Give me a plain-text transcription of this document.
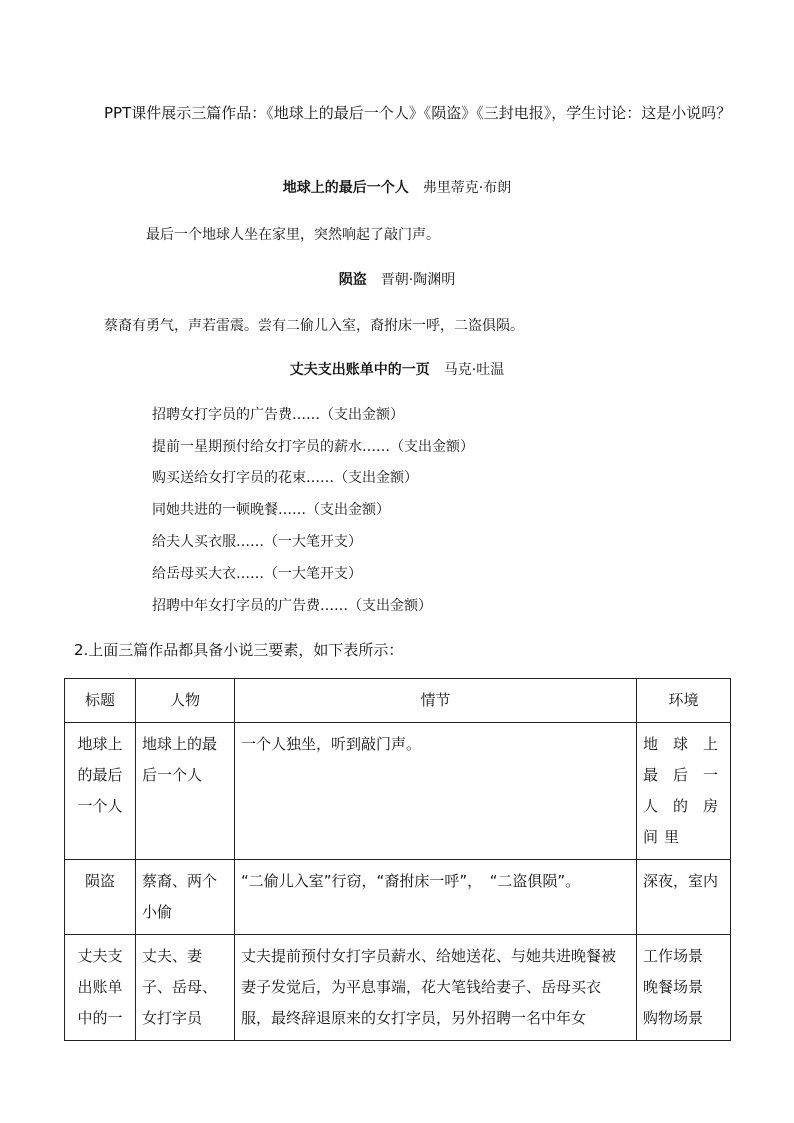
PPT课件展示三篇作品：《地球上的最后一个人》《陨盗》《三封电报》，学生讨论：这是小说吗？

地球上的最后一个人 弗里蒂克·布朗
最后一个地球人坐在家里，突然响起了敲门声。
陨盗 晋朝·陶渊明
蔡裔有勇气，声若雷震。尝有二偷儿入室，裔拊床一呼，二盗俱陨。
丈夫支出账单中的一页 马克·吐温
招聘女打字员的广告费……（支出金额）
提前一星期预付给女打字员的薪水……（支出金额）
购买送给女打字员的花束……（支出金额）
同她共进的一顿晚餐……（支出金额）
给夫人买衣服……（一大笔开支）
给岳母买大衣……（一大笔开支）
招聘中年女打字员的广告费……（支出金额）
2.上面三篇作品都具备小说三要素，如下表所示：
标题	人物	情节	环境
地球上的最后一个人	地球上的最后一个人	一个人独坐，听到敲门声。	地球上最后一人的房间里
陨盗	蔡裔、两个小偷	“二偷儿入室”行窃，“裔拊床一呼”，　“二盗俱陨”。	深夜，室内
丈夫支出账单中的一	丈夫、妻子、岳母、女打字员	丈夫提前预付女打字员薪水、给她送花、与她共进晚餐被妻子发觉后，为平息事端，花大笔钱给妻子、岳母买衣服，最终辞退原来的女打字员，另外招聘一名中年女	工作场景
晚餐场景
购物场景
